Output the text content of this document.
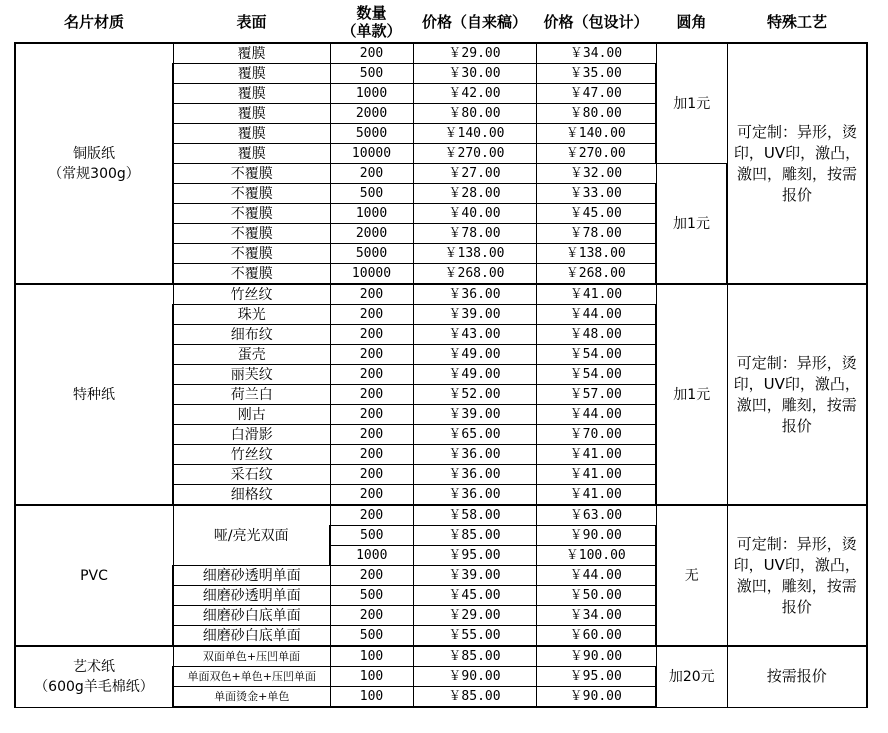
名片材质	表面	数量
（单款）	价格（自来稿）	价格（包设计）	圆角	特殊工艺
铜版纸
（常规300g）	覆膜	200	￥29.00	￥34.00	加1元	可定制：异形，烫印，UV印，激凸，激凹，雕刻，按需报价
	覆膜	500	￥30.00	￥35.00		
	覆膜	1000	￥42.00	￥47.00		
	覆膜	2000	￥80.00	￥80.00		
	覆膜	5000	￥140.00	￥140.00		
	覆膜	10000	￥270.00	￥270.00		
	不覆膜	200	￥27.00	￥32.00	加1元	
	不覆膜	500	￥28.00	￥33.00		
	不覆膜	1000	￥40.00	￥45.00		
	不覆膜	2000	￥78.00	￥78.00		
	不覆膜	5000	￥138.00	￥138.00		
	不覆膜	10000	￥268.00	￥268.00		
特种纸	竹丝纹	200	￥36.00	￥41.00	加1元	可定制：异形，烫印，UV印，激凸，激凹，雕刻，按需报价
	珠光	200	￥39.00	￥44.00		
	细布纹	200	￥43.00	￥48.00		
	蛋壳	200	￥49.00	￥54.00		
	丽芙纹	200	￥49.00	￥54.00		
	荷兰白	200	￥52.00	￥57.00		
	刚古	200	￥39.00	￥44.00		
	白滑影	200	￥65.00	￥70.00		
	竹丝纹	200	￥36.00	￥41.00		
	采石纹	200	￥36.00	￥41.00		
	细格纹	200	￥36.00	￥41.00		
PVC	哑/亮光双面	200	￥58.00	￥63.00	无	可定制：异形，烫印，UV印，激凸，激凹，雕刻，按需报价
		500	￥85.00	￥90.00		
		1000	￥95.00	￥100.00		
	细磨砂透明单面	200	￥39.00	￥44.00		
	细磨砂透明单面	500	￥45.00	￥50.00		
	细磨砂白底单面	200	￥29.00	￥34.00		
	细磨砂白底单面	500	￥55.00	￥60.00		
艺术纸
（600g羊毛棉纸）	双面单色+压凹单面	100	￥85.00	￥90.00	加20元	按需报价
	单面双色+单色+压凹单面	100	￥90.00	￥95.00		
	单面烫金+单色	100	￥85.00	￥90.00		
